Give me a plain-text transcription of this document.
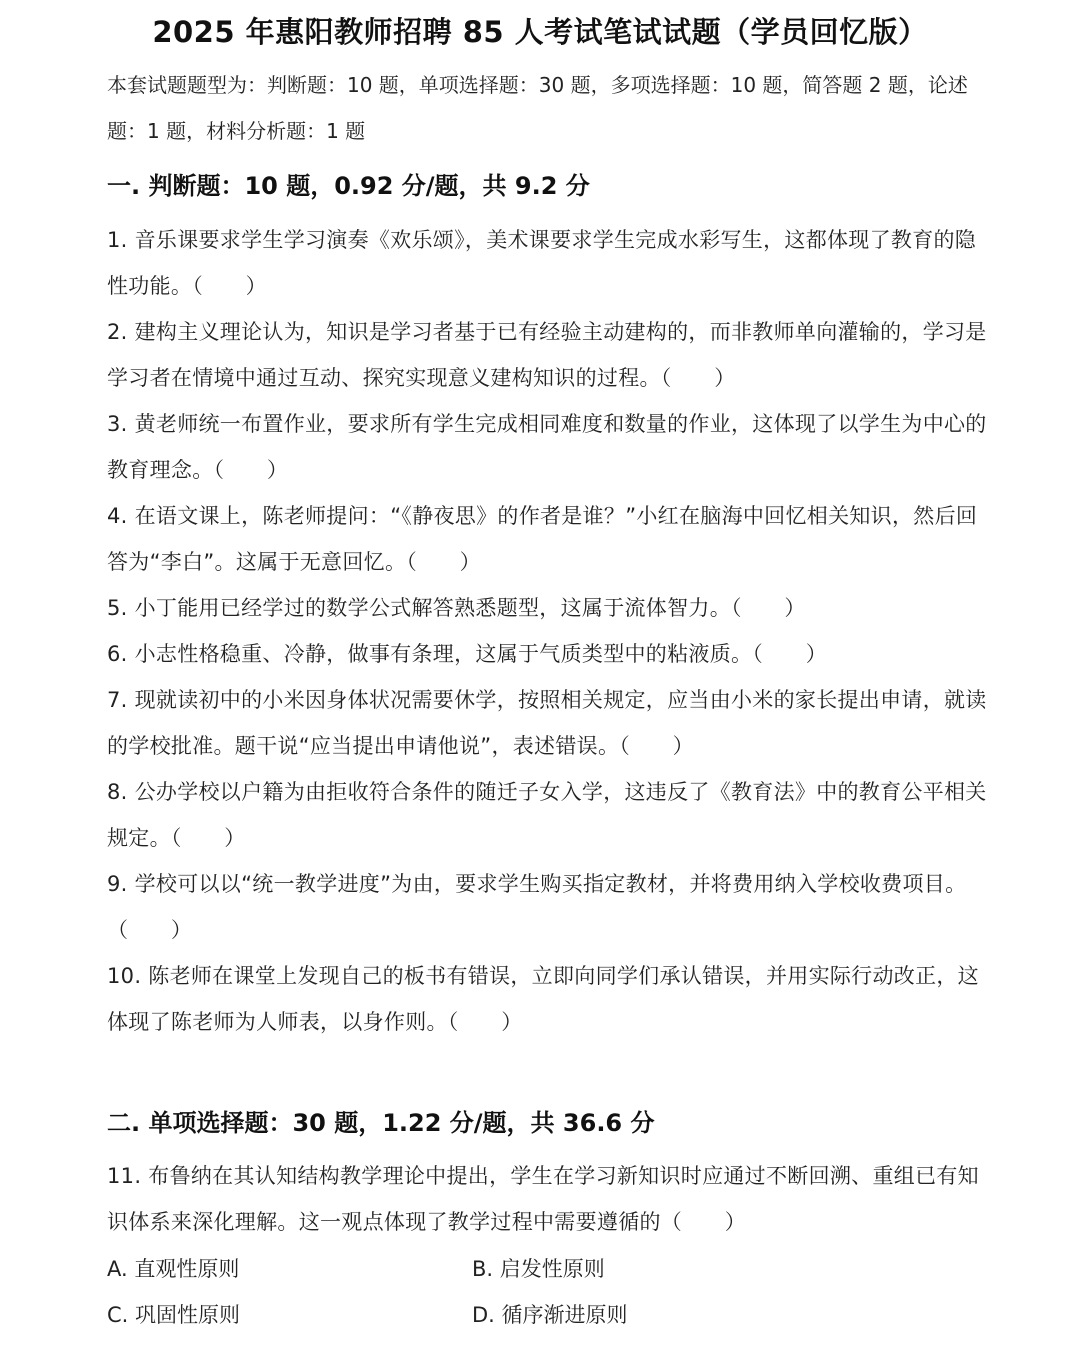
2025 年惠阳教师招聘 85 人考试笔试试题（学员回忆版）
本套试题题型为：判断题：10 题，单项选择题：30 题，多项选择题：10 题，简答题 2 题，论述题：1 题，材料分析题：1 题
一. 判断题：10 题，0.92 分/题，共 9.2 分
1. 音乐课要求学生学习演奏《欢乐颂》，美术课要求学生完成水彩写生，这都体现了教育的隐性功能。（　　）
2. 建构主义理论认为，知识是学习者基于已有经验主动建构的，而非教师单向灌输的，学习是学习者在情境中通过互动、探究实现意义建构知识的过程。（　　）
3. 黄老师统一布置作业，要求所有学生完成相同难度和数量的作业，这体现了以学生为中心的教育理念。（　　）
4. 在语文课上，陈老师提问：“《静夜思》的作者是谁？”小红在脑海中回忆相关知识，然后回答为“李白”。这属于无意回忆。（　　）
5. 小丁能用已经学过的数学公式解答熟悉题型，这属于流体智力。（　　）
6. 小志性格稳重、冷静，做事有条理，这属于气质类型中的粘液质。（　　）
7. 现就读初中的小米因身体状况需要休学，按照相关规定，应当由小米的家长提出申请，就读的学校批准。题干说“应当提出申请他说”，表述错误。（　　）
8. 公办学校以户籍为由拒收符合条件的随迁子女入学，这违反了《教育法》中的教育公平相关规定。（　　）
9. 学校可以以“统一教学进度”为由，要求学生购买指定教材，并将费用纳入学校收费项目。（　　）
10. 陈老师在课堂上发现自己的板书有错误，立即向同学们承认错误，并用实际行动改正，这体现了陈老师为人师表，以身作则。（　　）
二. 单项选择题：30 题，1.22 分/题，共 36.6 分
11. 布鲁纳在其认知结构教学理论中提出，学生在学习新知识时应通过不断回溯、重组已有知识体系来深化理解。这一观点体现了教学过程中需要遵循的（　　）
A. 直观性原则	B. 启发性原则
C. 巩固性原则	D. 循序渐进原则
